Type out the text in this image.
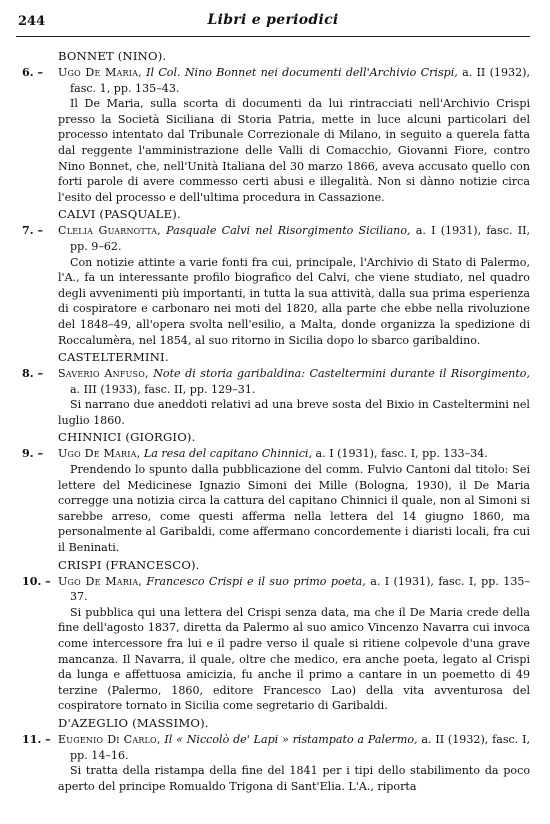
244	Libri e periodici
BONNET (NINO).
6. – Ugo De Maria, Il Col. Nino Bonnet nei documenti dell'Archivio Crispi, a. II (1932), fasc. 1, pp. 135–43.
Il De Maria, sulla scorta di documenti da lui rintracciati nell'Archivio Crispi presso la Società Siciliana di Storia Patria, mette in luce alcuni particolari del processo intentato dal Tribunale Correzionale di Milano, in seguito a querela fatta dal reggente l'amministrazione delle Valli di Comacchio, Giovanni Fiore, contro Nino Bonnet, che, nell'Unità Italiana del 30 marzo 1866, aveva accusato quello con forti parole di avere commesso certi abusi e illegalità. Non si dànno notizie circa l'esito del processo e dell'ultima procedura in Cassazione.
CALVI (PASQUALE).
7. – Clelia Guarnotta, Pasquale Calvi nel Risorgimento Siciliano, a. I (1931), fasc. II, pp. 9–62.
Con notizie attinte a varie fonti fra cui, principale, l'Archivio di Stato di Palermo, l'A., fa un interessante profilo biografico del Calvi, che viene studiato, nel quadro degli avvenimenti più importanti, in tutta la sua attività, dalla sua prima esperienza di cospiratore e carbonaro nei moti del 1820, alla parte che ebbe nella rivoluzione del 1848–49, all'opera svolta nell'esilio, a Malta, donde organizza la spedizione di Roccalumèra, nel 1854, al suo ritorno in Sicilia dopo lo sbarco garibaldino.
CASTELTERMINI.
8. – Saverio Anfuso, Note di storia garibaldina: Casteltermini durante il Risorgimento, a. III (1933), fasc. II, pp. 129–31.
Si narrano due aneddoti relativi ad una breve sosta del Bixio in Casteltermini nel luglio 1860.
CHINNICI (GIORGIO).
9. – Ugo De Maria, La resa del capitano Chinnici, a. I (1931), fasc. I, pp. 133–34.
Prendendo lo spunto dalla pubblicazione del comm. Fulvio Cantoni dal titolo: Sei lettere del Medicinese Ignazio Simoni dei Mille (Bologna, 1930), il De Maria corregge una notizia circa la cattura del capitano Chinnici il quale, non al Simoni si sarebbe arreso, come questi afferma nella lettera del 14 giugno 1860, ma personalmente al Garibaldi, come affermano concordemente i diaristi locali, fra cui il Beninati.
CRISPI (FRANCESCO).
10. – Ugo De Maria, Francesco Crispi e il suo primo poeta, a. I (1931), fasc. I, pp. 135–37.
Si pubblica qui una lettera del Crispi senza data, ma che il De Maria crede della fine dell'agosto 1837, diretta da Palermo al suo amico Vincenzo Navarra cui invoca come intercessore fra lui e il padre verso il quale si ritiene colpevole d'una grave mancanza. Il Navarra, il quale, oltre che medico, era anche poeta, legato al Crispi da lunga e affettuosa amicizia, fu anche il primo a cantare in un poemetto di 49 terzine (Palermo, 1860, editore Francesco Lao) della vita avventurosa del cospiratore tornato in Sicilia come segretario di Garibaldi.
D'AZEGLIO (MASSIMO).
11. – Eugenio Di Carlo, Il « Niccolò de' Lapi » ristampato a Palermo, a. II (1932), fasc. I, pp. 14–16.
Si tratta della ristampa della fine del 1841 per i tipi dello stabilimento da poco aperto del principe Romualdo Trigona di Sant'Elia. L'A., riporta
